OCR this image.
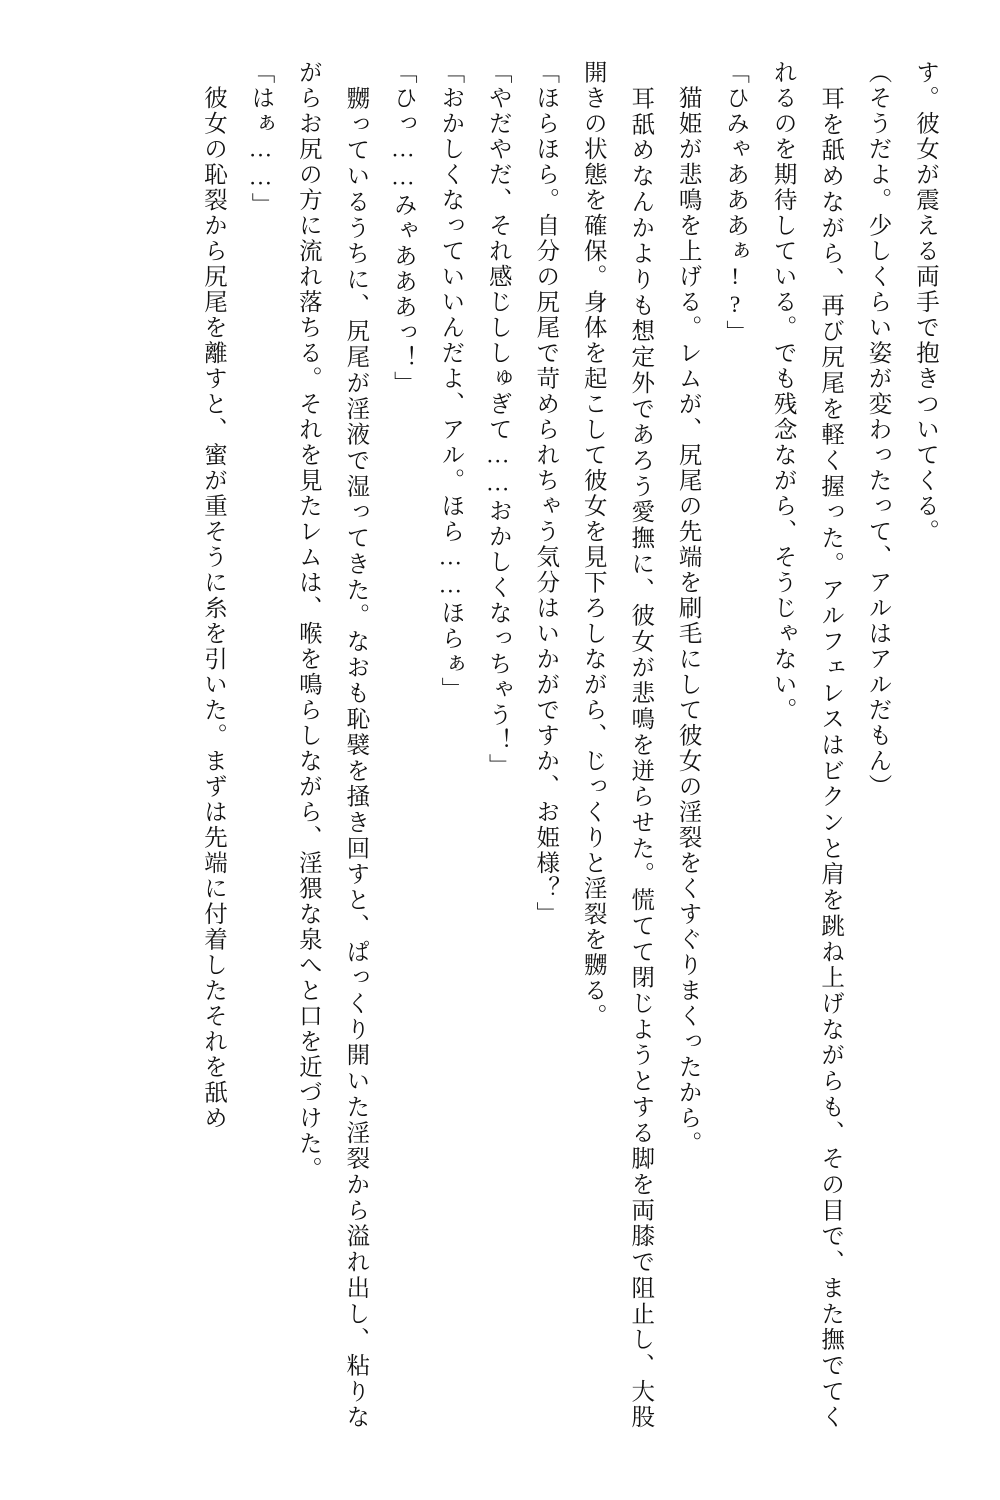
す。彼女が震える両手で抱きついてくる。

（そうだよ。少しくらい姿が変わったって、アルはアルだもん）

　耳を舐めながら、再び尻尾を軽く握った。アルフェレスはビクンと肩を跳ね上げながらも、その目で、また撫でてくれるのを期待している。でも残念ながら、そうじゃない。

「ひみゃあああぁ!?」

　猫姫が悲鳴を上げる。レムが、尻尾の先端を刷毛にして彼女の淫裂をくすぐりまくったから。

　耳舐めなんかよりも想定外であろう愛撫に、彼女が悲鳴を迸らせた。慌てて閉じようとする脚を両膝で阻止し、大股開きの状態を確保。身体を起こして彼女を見下ろしながら、じっくりと淫裂を嬲る。

「ほらほら。自分の尻尾で苛められちゃう気分はいかがですか、お姫様？」

「やだやだ、それ感じししゅぎて……おかしくなっちゃう！」

「おかしくなっていいんだよ、アル。ほら……ほらぁ」

「ひっ……みゃあああっ！」

　嬲っているうちに、尻尾が淫液で湿ってきた。なおも恥襞を掻き回すと、ぱっくり開いた淫裂から溢れ出し、粘りながらお尻の方に流れ落ちる。それを見たレムは、喉を鳴らしながら、淫猥な泉へと口を近づけた。

「はぁ……」

　彼女の恥裂から尻尾を離すと、蜜が重そうに糸を引いた。まずは先端に付着したそれを舐め
